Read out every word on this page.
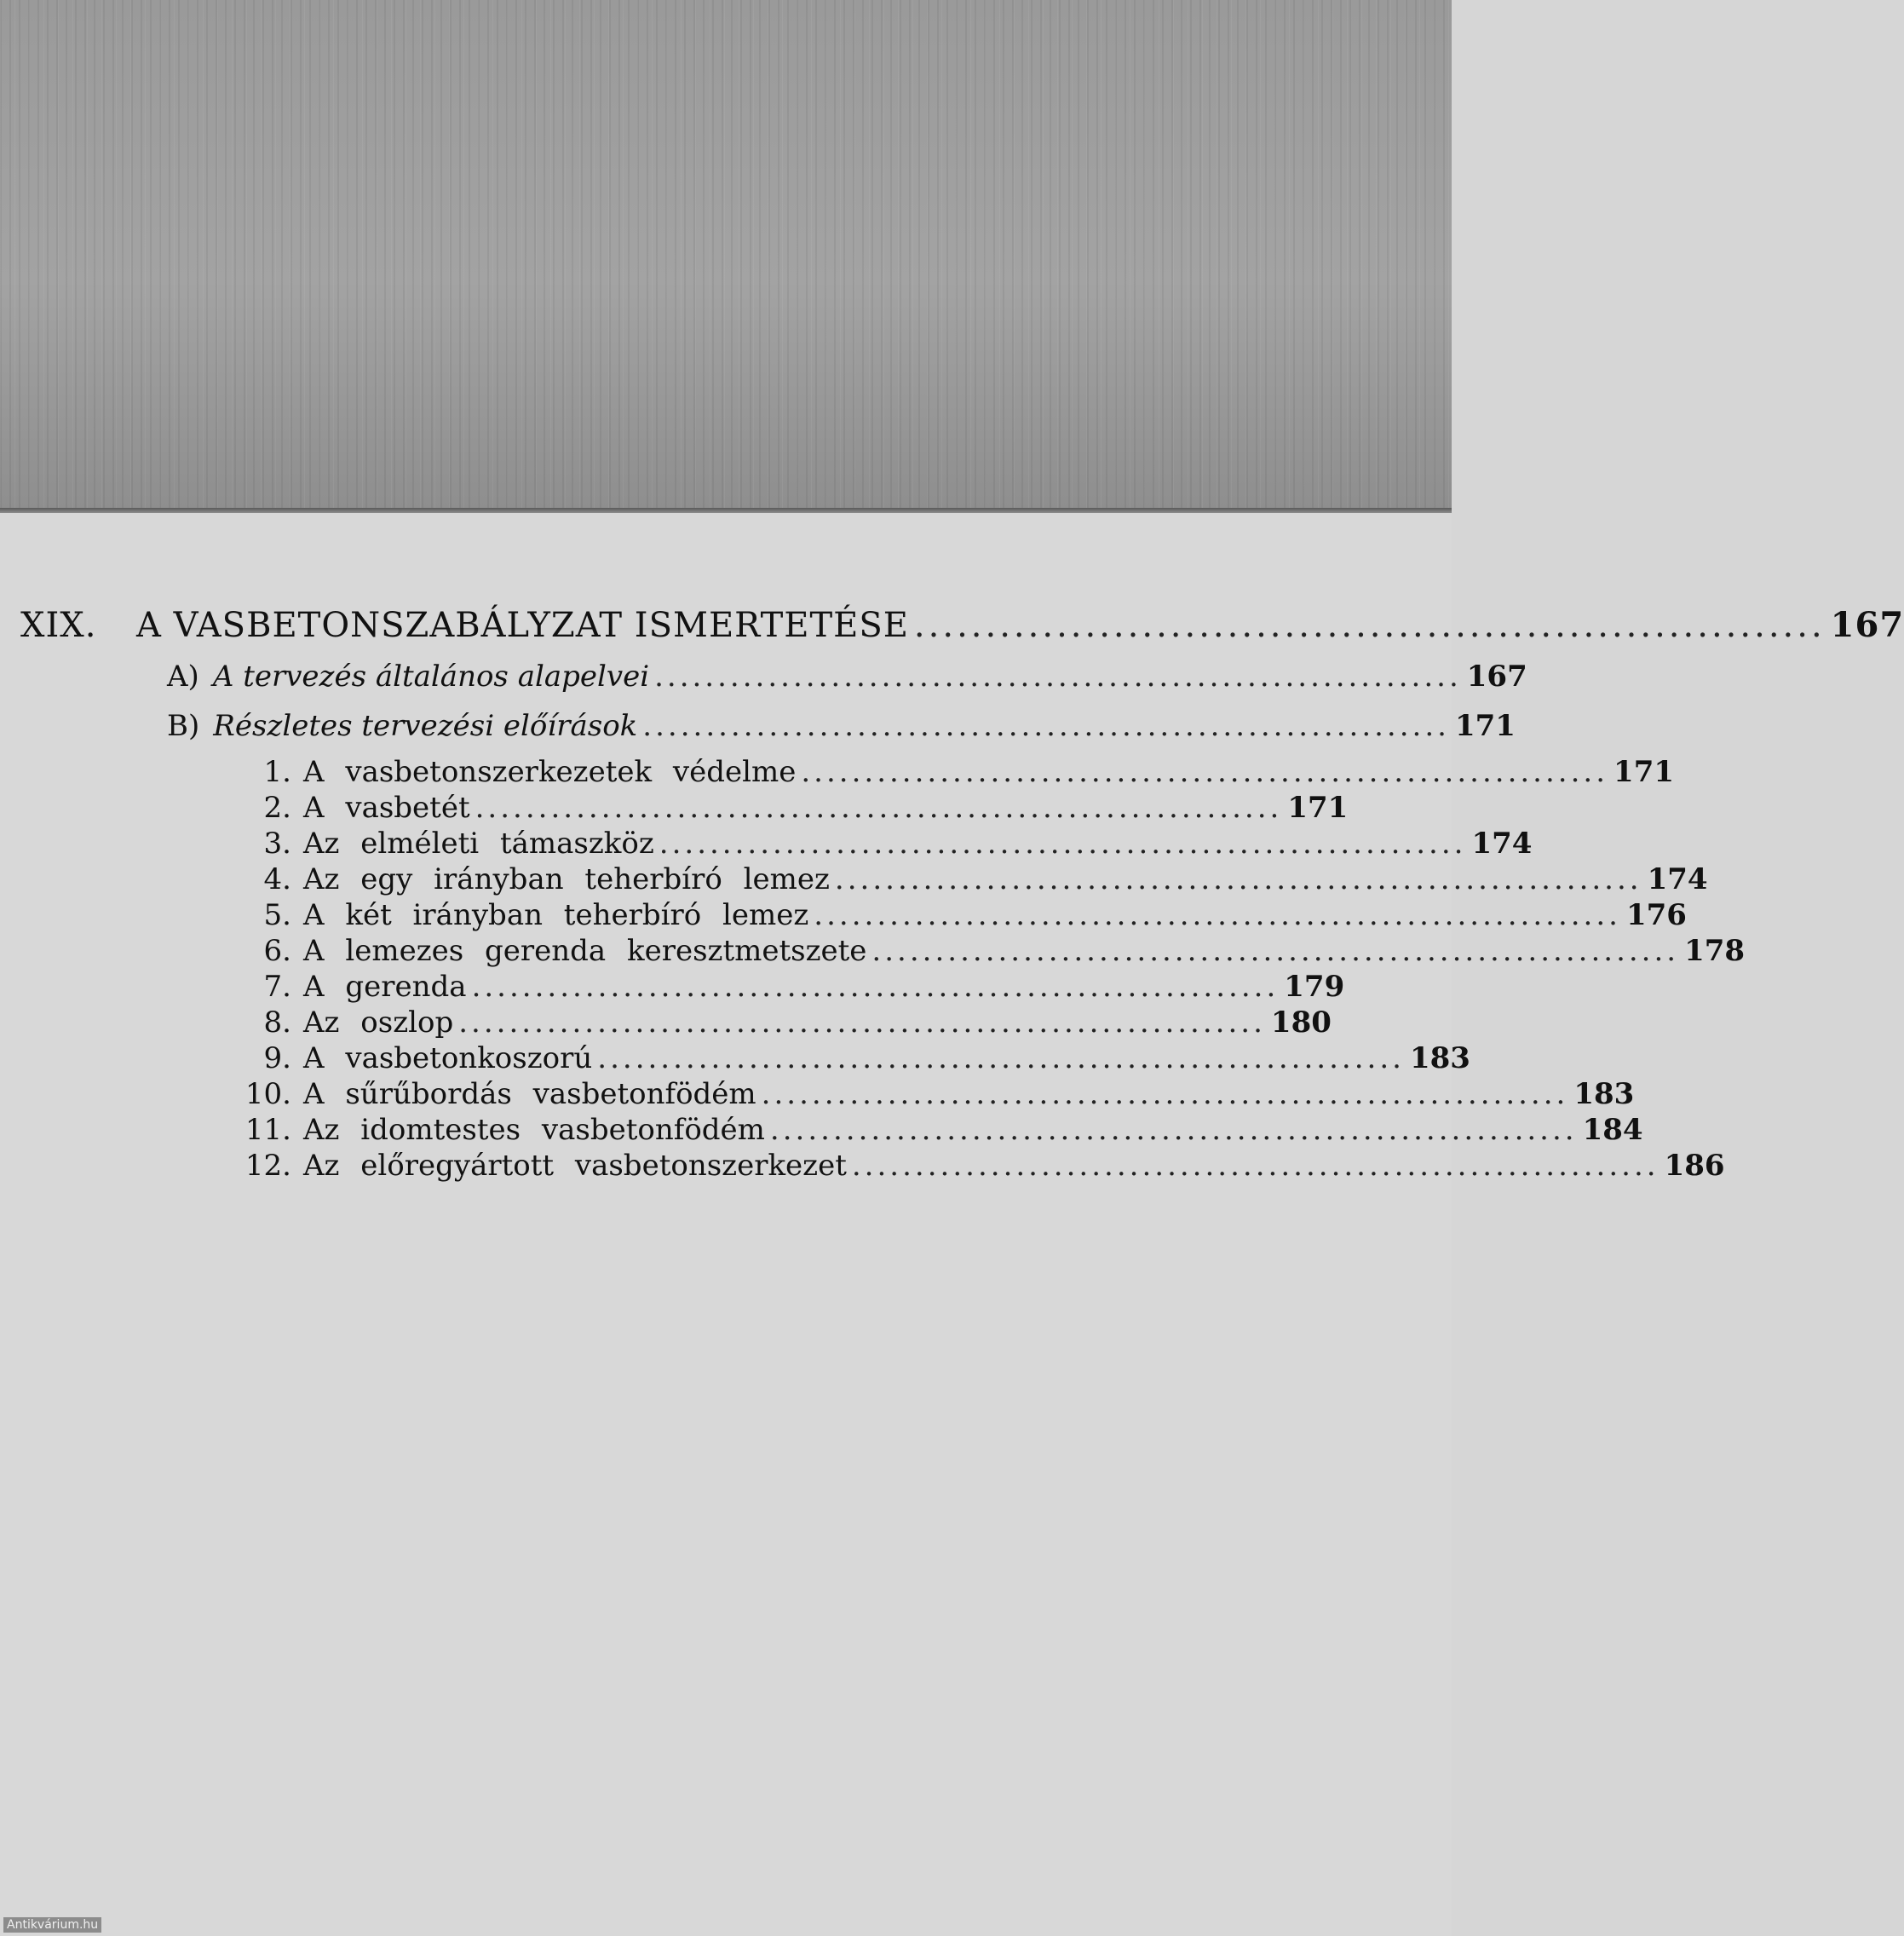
XIX.	A VASBETONSZABÁLYZAT ISMERTETÉSE ................................................................ 167
A) A tervezés általános alapelvei ................................................................ 167
B) Részletes tervezési előírások ................................................................ 171
1. A vasbetonszerkezetek védelme ................................................................ 171
2. A vasbetét ................................................................ 171
3. Az elméleti támaszköz ................................................................ 174
4. Az egy irányban teherbíró lemez ................................................................ 174
5. A két irányban teherbíró lemez ................................................................ 176
6. A lemezes gerenda keresztmetszete ................................................................ 178
7. A gerenda ................................................................ 179
8. Az oszlop ................................................................ 180
9. A vasbetonkoszorú ................................................................ 183
10. A sűrűbordás vasbetonfödém ................................................................ 183
11. Az idomtestes vasbetonfödém ................................................................ 184
12. Az előregyártott vasbetonszerkezet ................................................................ 186
Antikvárium.hu
